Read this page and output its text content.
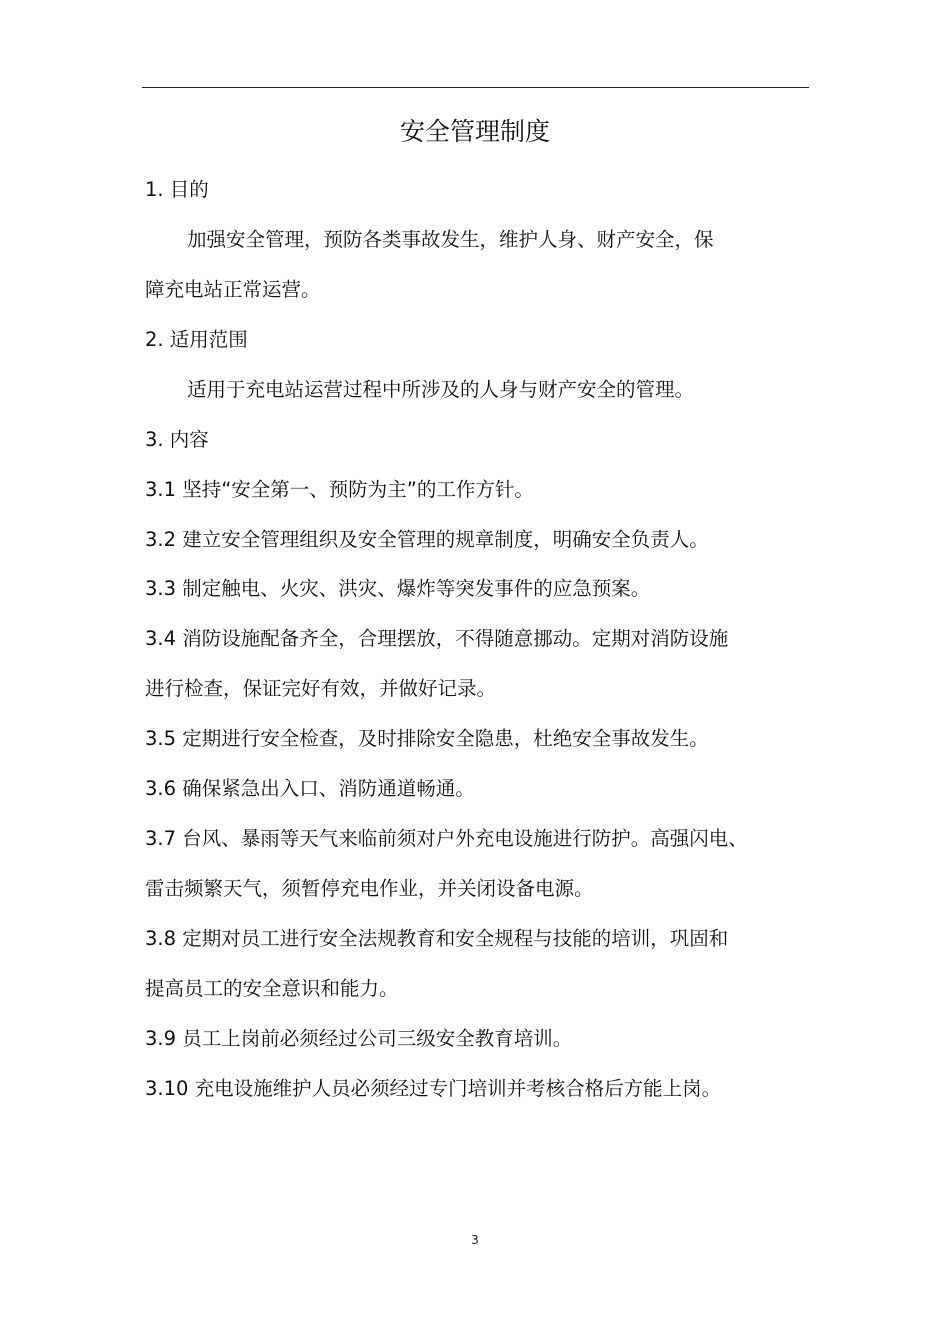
安全管理制度
1. 目的
加强安全管理，预防各类事故发生，维护人身、财产安全，保
障充电站正常运营。
2. 适用范围
适用于充电站运营过程中所涉及的人身与财产安全的管理。
3. 内容
3.1 坚持“安全第一、预防为主”的工作方针。
3.2 建立安全管理组织及安全管理的规章制度，明确安全负责人。
3.3 制定触电、火灾、洪灾、爆炸等突发事件的应急预案。
3.4 消防设施配备齐全，合理摆放，不得随意挪动。定期对消防设施
进行检查，保证完好有效，并做好记录。
3.5 定期进行安全检查，及时排除安全隐患，杜绝安全事故发生。
3.6 确保紧急出入口、消防通道畅通。
3.7 台风、暴雨等天气来临前须对户外充电设施进行防护。高强闪电、
雷击频繁天气，须暂停充电作业，并关闭设备电源。
3.8 定期对员工进行安全法规教育和安全规程与技能的培训，巩固和
提高员工的安全意识和能力。
3.9 员工上岗前必须经过公司三级安全教育培训。
3.10 充电设施维护人员必须经过专门培训并考核合格后方能上岗。
3
